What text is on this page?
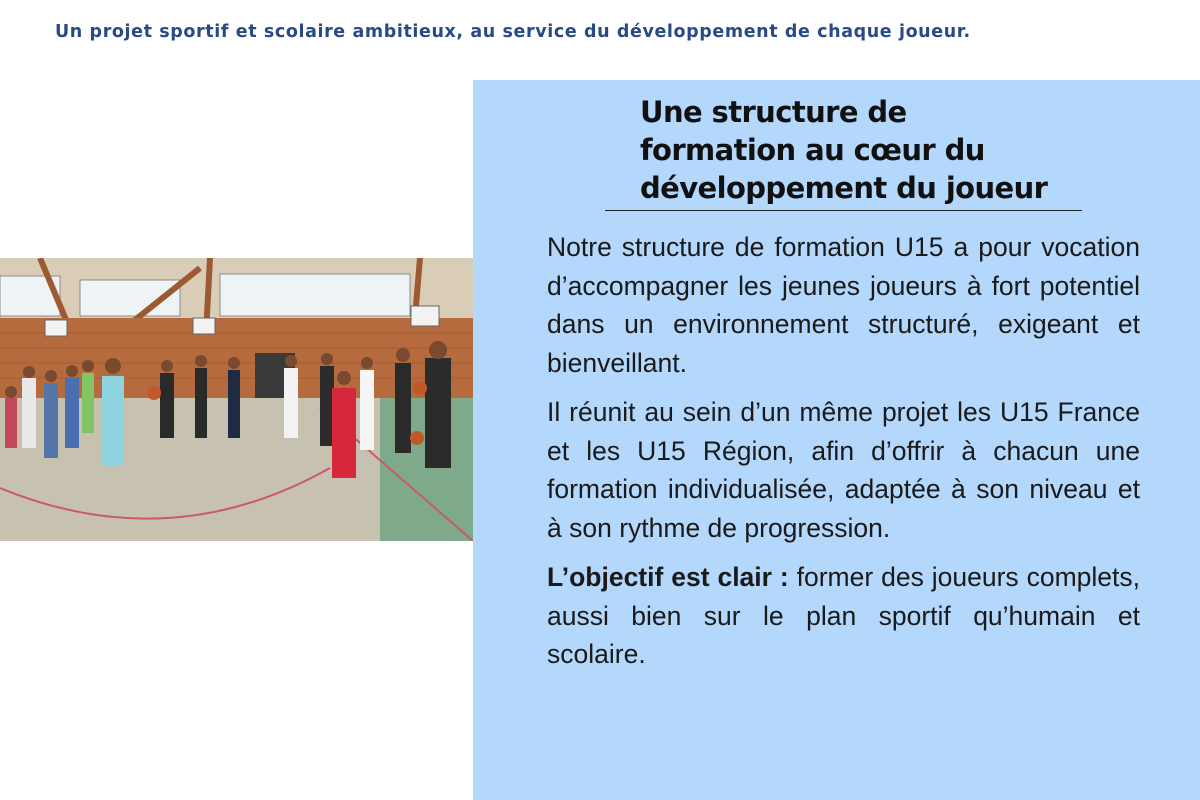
Un projet sportif et scolaire ambitieux, au service du développement de chaque joueur.
Une structure de
formation au cœur du
développement du joueur

Notre structure de formation U15 a pour vocation d’accompagner les jeunes joueurs à fort potentiel dans un environnement structuré, exigeant et bienveillant.

Il réunit au sein d’un même projet les U15 France et les U15 Région, afin d’offrir à chacun une formation individualisée, adaptée à son niveau et à son rythme de progression.

L’objectif est clair : former des joueurs complets, aussi bien sur le plan sportif qu’humain et scolaire.
